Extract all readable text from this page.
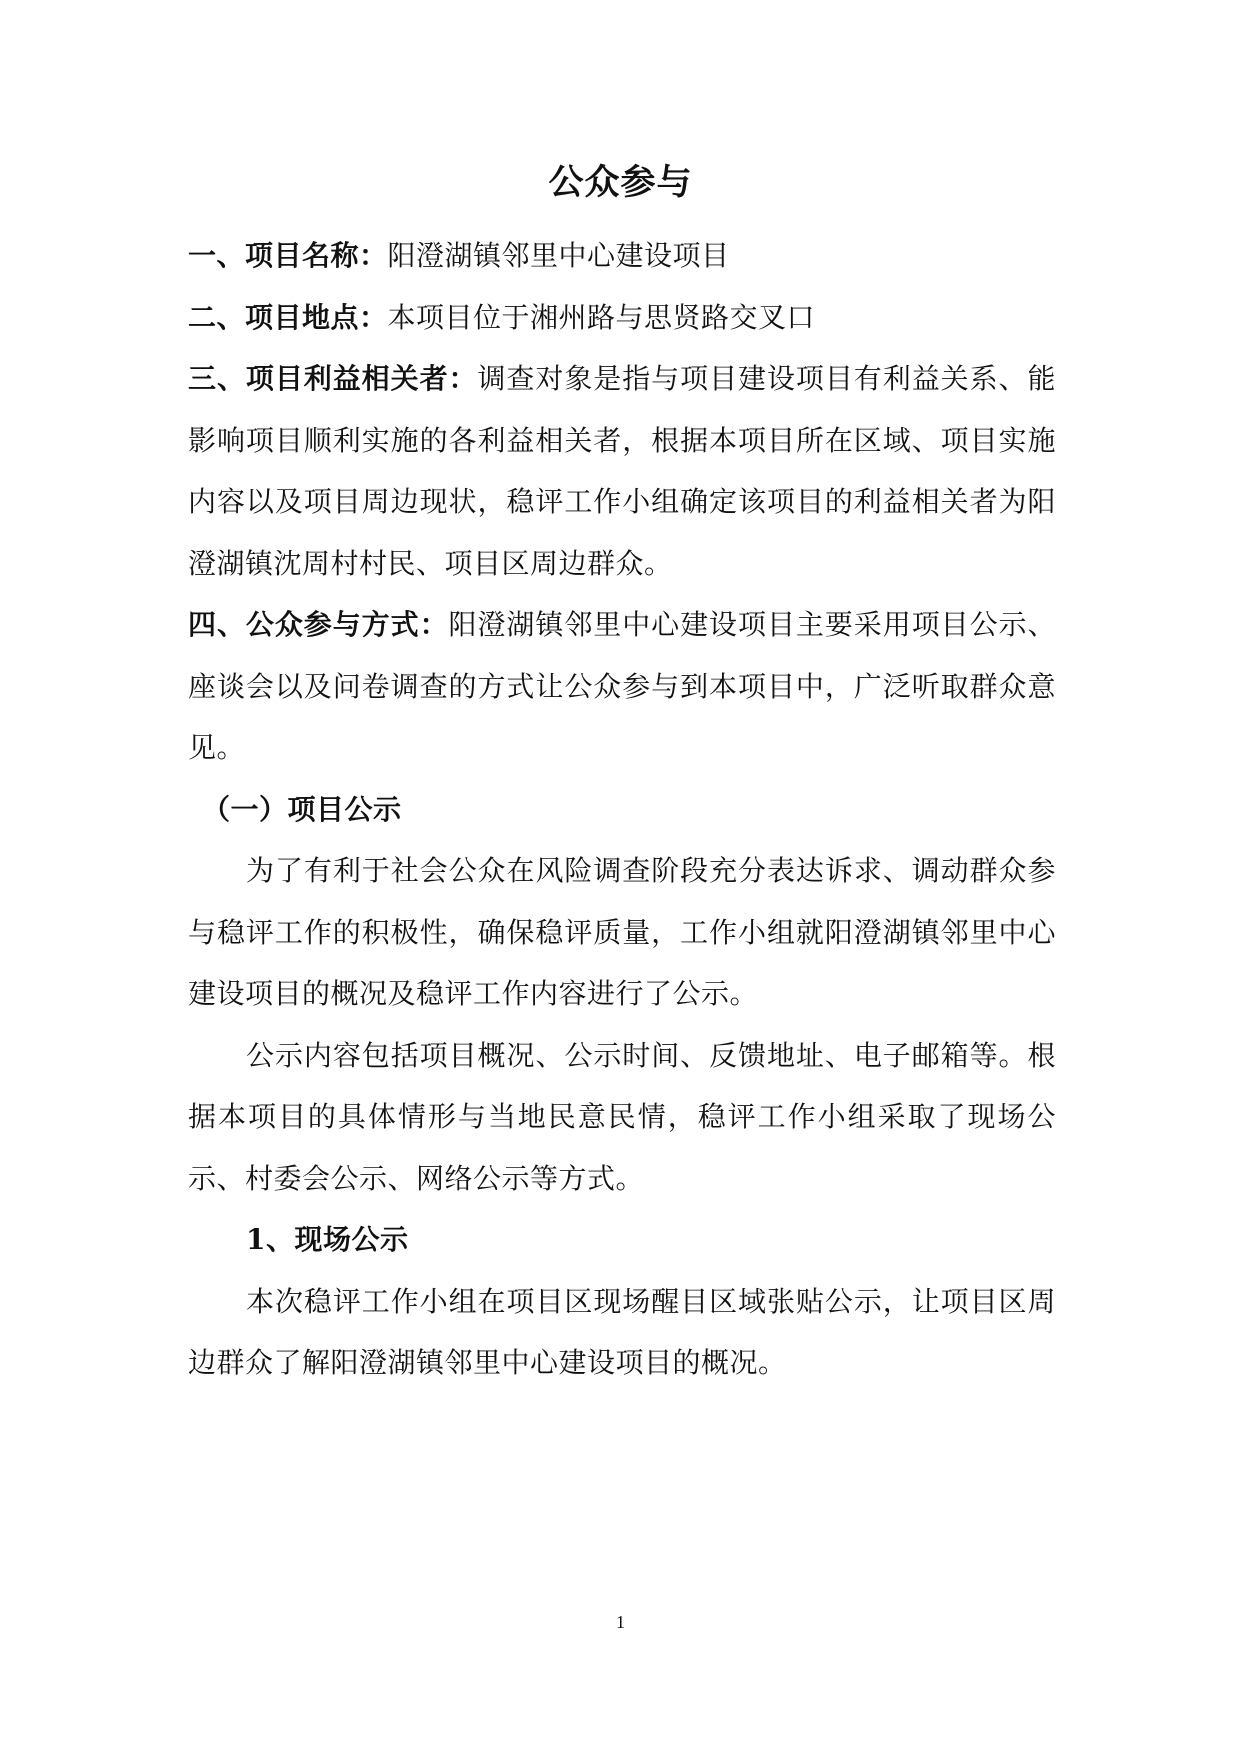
公众参与

一、项目名称：阳澄湖镇邻里中心建设项目

二、项目地点：本项目位于湘州路与思贤路交叉口

三、项目利益相关者：调查对象是指与项目建设项目有利益关系、能影响项目顺利实施的各利益相关者，根据本项目所在区域、项目实施内容以及项目周边现状，稳评工作小组确定该项目的利益相关者为阳澄湖镇沈周村村民、项目区周边群众。

四、公众参与方式：阳澄湖镇邻里中心建设项目主要采用项目公示、座谈会以及问卷调查的方式让公众参与到本项目中，广泛听取群众意见。

（一）项目公示

为了有利于社会公众在风险调查阶段充分表达诉求、调动群众参与稳评工作的积极性，确保稳评质量，工作小组就阳澄湖镇邻里中心建设项目的概况及稳评工作内容进行了公示。

公示内容包括项目概况、公示时间、反馈地址、电子邮箱等。根据本项目的具体情形与当地民意民情，稳评工作小组采取了现场公示、村委会公示、网络公示等方式。

1、现场公示

本次稳评工作小组在项目区现场醒目区域张贴公示，让项目区周边群众了解阳澄湖镇邻里中心建设项目的概况。

1
